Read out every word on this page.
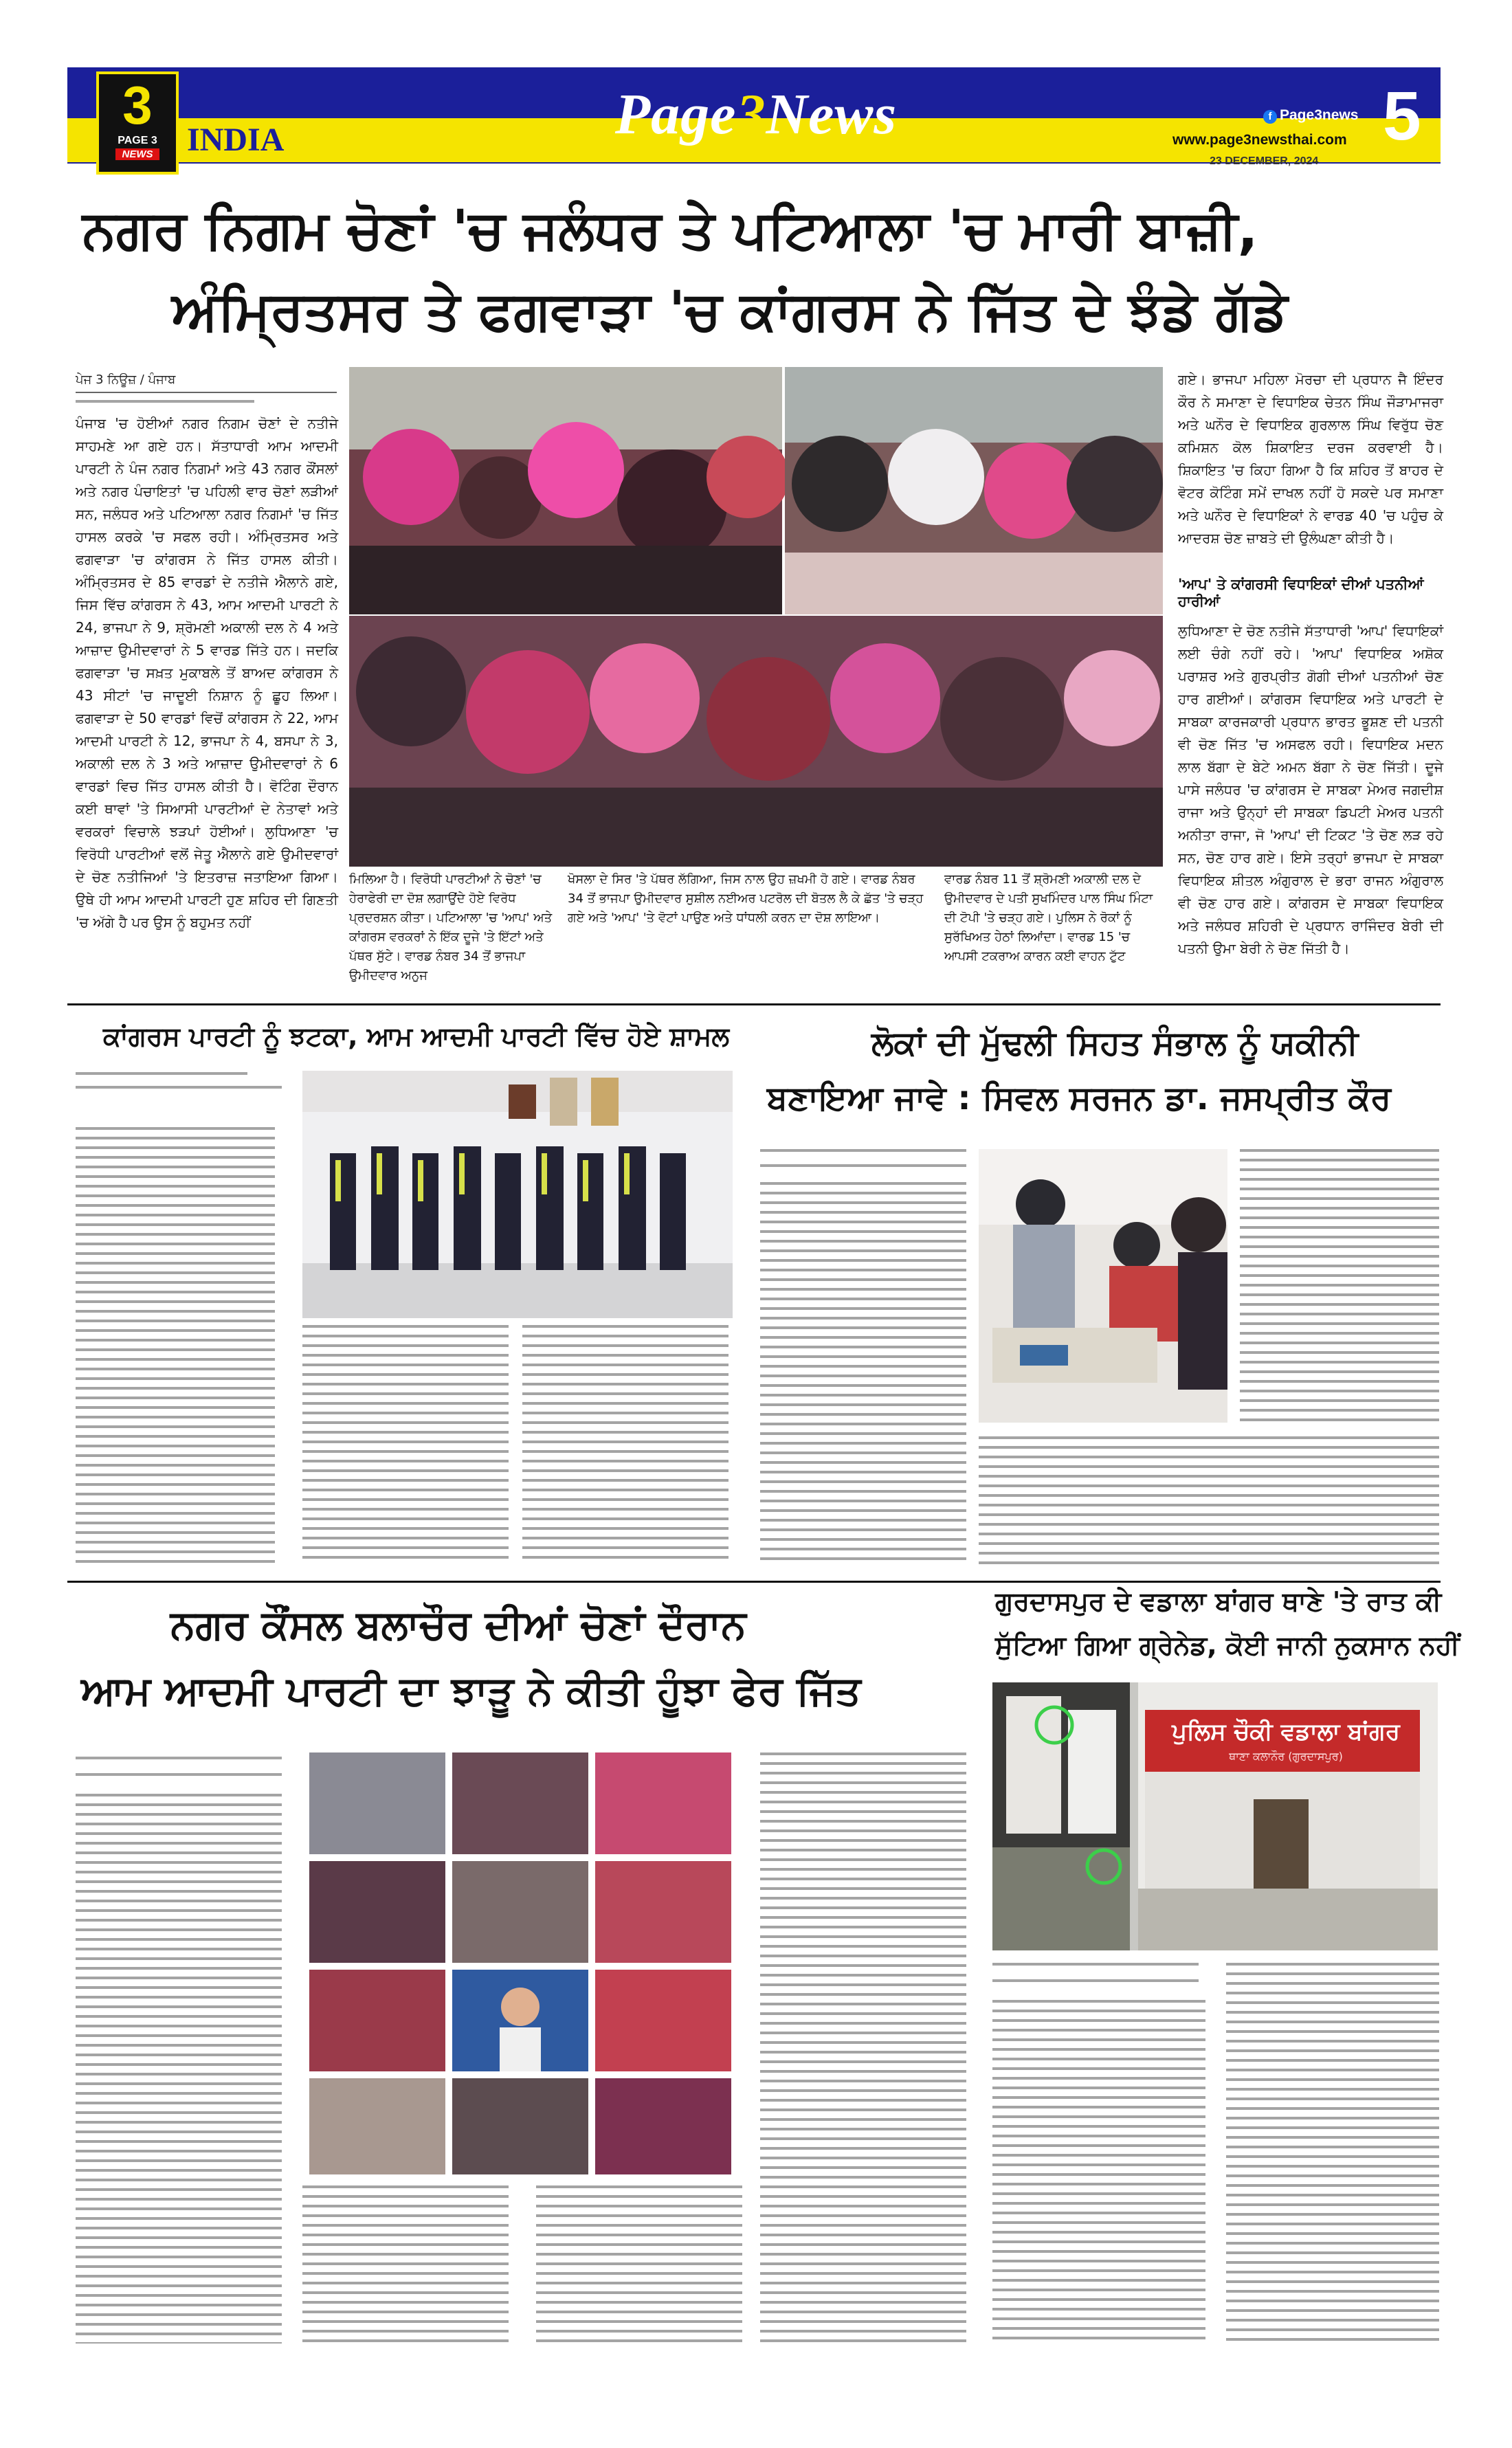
3
PAGE 3
NEWS INDIA	Page3News	f Page3news
www.page3newsthai.com
23 DECEMBER, 2024
5
ਨਗਰ ਨਿਗਮ ਚੋਣਾਂ 'ਚ ਜਲੰਧਰ ਤੇ ਪਟਿਆਲਾ 'ਚ ਮਾਰੀ ਬਾਜ਼ੀ,
ਅੰਮ੍ਰਿਤਸਰ ਤੇ ਫਗਵਾੜਾ 'ਚ ਕਾਂਗਰਸ ਨੇ ਜਿੱਤ ਦੇ ਝੰਡੇ ਗੱਡੇ
ਪੇਜ 3 ਨਿਊਜ਼ / ਪੰਜਾਬ
ਪੰਜਾਬ 'ਚ ਹੋਈਆਂ ਨਗਰ ਨਿਗਮ ਚੋਣਾਂ ਦੇ ਨਤੀਜੇ ਸਾਹਮਣੇ ਆ ਗਏ ਹਨ। ਸੱਤਾਧਾਰੀ ਆਮ ਆਦਮੀ ਪਾਰਟੀ ਨੇ ਪੰਜ ਨਗਰ ਨਿਗਮਾਂ ਅਤੇ 43 ਨਗਰ ਕੌਂਸਲਾਂ ਅਤੇ ਨਗਰ ਪੰਚਾਇਤਾਂ 'ਚ ਪਹਿਲੀ ਵਾਰ ਚੋਣਾਂ ਲੜੀਆਂ ਸਨ, ਜਲੰਧਰ ਅਤੇ ਪਟਿਆਲਾ ਨਗਰ ਨਿਗਮਾਂ 'ਚ ਜਿੱਤ ਹਾਸਲ ਕਰਕੇ 'ਚ ਸਫਲ ਰਹੀ। ਅੰਮ੍ਰਿਤਸਰ ਅਤੇ ਫਗਵਾੜਾ 'ਚ ਕਾਂਗਰਸ ਨੇ ਜਿੱਤ ਹਾਸਲ ਕੀਤੀ। ਅੰਮ੍ਰਿਤਸਰ ਦੇ 85 ਵਾਰਡਾਂ ਦੇ ਨਤੀਜੇ ਐਲਾਨੇ ਗਏ, ਜਿਸ ਵਿੱਚ ਕਾਂਗਰਸ ਨੇ 43, ਆਮ ਆਦਮੀ ਪਾਰਟੀ ਨੇ 24, ਭਾਜਪਾ ਨੇ 9, ਸ਼੍ਰੋਮਣੀ ਅਕਾਲੀ ਦਲ ਨੇ 4 ਅਤੇ ਆਜ਼ਾਦ ਉਮੀਦਵਾਰਾਂ ਨੇ 5 ਵਾਰਡ ਜਿੱਤੇ ਹਨ। ਜਦਕਿ ਫਗਵਾੜਾ 'ਚ ਸਖ਼ਤ ਮੁਕਾਬਲੇ ਤੋਂ ਬਾਅਦ ਕਾਂਗਰਸ ਨੇ 43 ਸੀਟਾਂ 'ਚ ਜਾਦੂਈ ਨਿਸ਼ਾਨ ਨੂੰ ਛੂਹ ਲਿਆ। ਫਗਵਾੜਾ ਦੇ 50 ਵਾਰਡਾਂ ਵਿਚੋਂ ਕਾਂਗਰਸ ਨੇ 22, ਆਮ ਆਦਮੀ ਪਾਰਟੀ ਨੇ 12, ਭਾਜਪਾ ਨੇ 4, ਬਸਪਾ ਨੇ 3, ਅਕਾਲੀ ਦਲ ਨੇ 3 ਅਤੇ ਆਜ਼ਾਦ ਉਮੀਦਵਾਰਾਂ ਨੇ 6 ਵਾਰਡਾਂ ਵਿਚ ਜਿੱਤ ਹਾਸਲ ਕੀਤੀ ਹੈ। ਵੋਟਿੰਗ ਦੌਰਾਨ ਕਈ ਥਾਵਾਂ 'ਤੇ ਸਿਆਸੀ ਪਾਰਟੀਆਂ ਦੇ ਨੇਤਾਵਾਂ ਅਤੇ ਵਰਕਰਾਂ ਵਿਚਾਲੇ ਝੜਪਾਂ ਹੋਈਆਂ। ਲੁਧਿਆਣਾ 'ਚ ਵਿਰੋਧੀ ਪਾਰਟੀਆਂ ਵਲੋਂ ਜੇਤੂ ਐਲਾਨੇ ਗਏ ਉਮੀਦਵਾਰਾਂ ਦੇ ਚੋਣ ਨਤੀਜਿਆਂ 'ਤੇ ਇਤਰਾਜ਼ ਜਤਾਇਆ ਗਿਆ। ਉਥੇ ਹੀ ਆਮ ਆਦਮੀ ਪਾਰਟੀ ਹੁਣ ਸ਼ਹਿਰ ਦੀ ਗਿਣਤੀ 'ਚ ਅੱਗੇ ਹੈ ਪਰ ਉਸ ਨੂੰ ਬਹੁਮਤ ਨਹੀਂ
ਮਿਲਿਆ ਹੈ। ਵਿਰੋਧੀ ਪਾਰਟੀਆਂ ਨੇ ਚੋਣਾਂ 'ਚ ਹੇਰਾਫੇਰੀ ਦਾ ਦੋਸ਼ ਲਗਾਉਂਦੇ ਹੋਏ ਵਿਰੋਧ ਪ੍ਰਦਰਸ਼ਨ ਕੀਤਾ। ਪਟਿਆਲਾ 'ਚ 'ਆਪ' ਅਤੇ ਕਾਂਗਰਸ ਵਰਕਰਾਂ ਨੇ ਇੱਕ ਦੂਜੇ 'ਤੇ ਇੱਟਾਂ ਅਤੇ ਪੱਥਰ ਸੁੱਟੇ। ਵਾਰਡ ਨੰਬਰ 34 ਤੋਂ ਭਾਜਪਾ ਉਮੀਦਵਾਰ ਅਨੁਜ
ਖੋਸਲਾ ਦੇ ਸਿਰ 'ਤੇ ਪੱਥਰ ਲੱਗਿਆ, ਜਿਸ ਨਾਲ ਉਹ ਜ਼ਖਮੀ ਹੋ ਗਏ। ਵਾਰਡ ਨੰਬਰ 34 ਤੋਂ ਭਾਜਪਾ ਉਮੀਦਵਾਰ ਸੁਸ਼ੀਲ ਨਈਅਰ ਪਟਰੋਲ ਦੀ ਬੋਤਲ ਲੈ ਕੇ ਛੱਤ 'ਤੇ ਚੜ੍ਹ ਗਏ ਅਤੇ 'ਆਪ' 'ਤੇ ਵੋਟਾਂ ਪਾਉਣ ਅਤੇ ਧਾਂਧਲੀ ਕਰਨ ਦਾ ਦੋਸ਼ ਲਾਇਆ।
ਵਾਰਡ ਨੰਬਰ 11 ਤੋਂ ਸ਼੍ਰੋਮਣੀ ਅਕਾਲੀ ਦਲ ਦੇ ਉਮੀਦਵਾਰ ਦੇ ਪਤੀ ਸੁਖਮਿੰਦਰ ਪਾਲ ਸਿੰਘ ਮਿੰਟਾ ਦੀ ਟੋਪੀ 'ਤੇ ਚੜ੍ਹ ਗਏ। ਪੁਲਿਸ ਨੇ ਰੋਕਾਂ ਨੂੰ ਸੁਰੱਖਿਅਤ ਹੇਠਾਂ ਲਿਆਂਦਾ। ਵਾਰਡ 15 'ਚ ਆਪਸੀ ਟਕਰਾਅ ਕਾਰਨ ਕਈ ਵਾਹਨ ਟੁੱਟ
ਗਏ। ਭਾਜਪਾ ਮਹਿਲਾ ਮੋਰਚਾ ਦੀ ਪ੍ਰਧਾਨ ਜੈ ਇੰਦਰ ਕੌਰ ਨੇ ਸਮਾਣਾ ਦੇ ਵਿਧਾਇਕ ਚੇਤਨ ਸਿੰਘ ਜੌੜਾਮਾਜਰਾ ਅਤੇ ਘਨੌਰ ਦੇ ਵਿਧਾਇਕ ਗੁਰਲਾਲ ਸਿੰਘ ਵਿਰੁੱਧ ਚੋਣ ਕਮਿਸ਼ਨ ਕੋਲ ਸ਼ਿਕਾਇਤ ਦਰਜ ਕਰਵਾਈ ਹੈ। ਸ਼ਿਕਾਇਤ 'ਚ ਕਿਹਾ ਗਿਆ ਹੈ ਕਿ ਸ਼ਹਿਰ ਤੋਂ ਬਾਹਰ ਦੇ ਵੋਟਰ ਕੋਟਿੰਗ ਸਮੇਂ ਦਾਖਲ ਨਹੀਂ ਹੋ ਸਕਦੇ ਪਰ ਸਮਾਣਾ ਅਤੇ ਘਨੌਰ ਦੇ ਵਿਧਾਇਕਾਂ ਨੇ ਵਾਰਡ 40 'ਚ ਪਹੁੰਚ ਕੇ ਆਦਰਸ਼ ਚੋਣ ਜ਼ਾਬਤੇ ਦੀ ਉਲੰਘਣਾ ਕੀਤੀ ਹੈ।
'ਆਪ' ਤੇ ਕਾਂਗਰਸੀ ਵਿਧਾਇਕਾਂ ਦੀਆਂ ਪਤਨੀਆਂ ਹਾਰੀਆਂ
ਲੁਧਿਆਣਾ ਦੇ ਚੋਣ ਨਤੀਜੇ ਸੱਤਾਧਾਰੀ 'ਆਪ' ਵਿਧਾਇਕਾਂ ਲਈ ਚੰਗੇ ਨਹੀਂ ਰਹੇ। 'ਆਪ' ਵਿਧਾਇਕ ਅਸ਼ੋਕ ਪਰਾਸ਼ਰ ਅਤੇ ਗੁਰਪ੍ਰੀਤ ਗੋਗੀ ਦੀਆਂ ਪਤਨੀਆਂ ਚੋਣ ਹਾਰ ਗਈਆਂ। ਕਾਂਗਰਸ ਵਿਧਾਇਕ ਅਤੇ ਪਾਰਟੀ ਦੇ ਸਾਬਕਾ ਕਾਰਜਕਾਰੀ ਪ੍ਰਧਾਨ ਭਾਰਤ ਭੂਸ਼ਣ ਦੀ ਪਤਨੀ ਵੀ ਚੋਣ ਜਿੱਤ 'ਚ ਅਸਫਲ ਰਹੀ। ਵਿਧਾਇਕ ਮਦਨ ਲਾਲ ਬੱਗਾ ਦੇ ਬੇਟੇ ਅਮਨ ਬੱਗਾ ਨੇ ਚੋਣ ਜਿੱਤੀ। ਦੂਜੇ ਪਾਸੇ ਜਲੰਧਰ 'ਚ ਕਾਂਗਰਸ ਦੇ ਸਾਬਕਾ ਮੇਅਰ ਜਗਦੀਸ਼ ਰਾਜਾ ਅਤੇ ਉਨ੍ਹਾਂ ਦੀ ਸਾਬਕਾ ਡਿਪਟੀ ਮੇਅਰ ਪਤਨੀ ਅਨੀਤਾ ਰਾਜਾ, ਜੋ 'ਆਪ' ਦੀ ਟਿਕਟ 'ਤੇ ਚੋਣ ਲੜ ਰਹੇ ਸਨ, ਚੋਣ ਹਾਰ ਗਏ। ਇਸੇ ਤਰ੍ਹਾਂ ਭਾਜਪਾ ਦੇ ਸਾਬਕਾ ਵਿਧਾਇਕ ਸ਼ੀਤਲ ਅੰਗੁਰਾਲ ਦੇ ਭਰਾ ਰਾਜਨ ਅੰਗੁਰਾਲ ਵੀ ਚੋਣ ਹਾਰ ਗਏ। ਕਾਂਗਰਸ ਦੇ ਸਾਬਕਾ ਵਿਧਾਇਕ ਅਤੇ ਜਲੰਧਰ ਸ਼ਹਿਰੀ ਦੇ ਪ੍ਰਧਾਨ ਰਾਜਿੰਦਰ ਬੇਰੀ ਦੀ ਪਤਨੀ ਉਮਾ ਬੇਰੀ ਨੇ ਚੋਣ ਜਿੱਤੀ ਹੈ।
ਕਾਂਗਰਸ ਪਾਰਟੀ ਨੂੰ ਝਟਕਾ, ਆਮ ਆਦਮੀ ਪਾਰਟੀ ਵਿੱਚ ਹੋਏ ਸ਼ਾਮਲ	ਲੋਕਾਂ ਦੀ ਮੁੱਢਲੀ ਸਿਹਤ ਸੰਭਾਲ ਨੂੰ ਯਕੀਨੀ
ਬਣਾਇਆ ਜਾਵੇ : ਸਿਵਲ ਸਰਜਨ ਡਾ. ਜਸਪ੍ਰੀਤ ਕੌਰ
ਨਗਰ ਕੌਂਸਲ ਬਲਾਚੌਰ ਦੀਆਂ ਚੋਣਾਂ ਦੌਰਾਨ
ਆਮ ਆਦਮੀ ਪਾਰਟੀ ਦਾ ਝਾੜੂ ਨੇ ਕੀਤੀ ਹੂੰਝਾ ਫੇਰ ਜਿੱਤ
ਗੁਰਦਾਸਪੁਰ ਦੇ ਵਡਾਲਾ ਬਾਂਗਰ ਥਾਣੇ 'ਤੇ ਰਾਤ ਕੀ
ਸੁੱਟਿਆ ਗਿਆ ਗ੍ਰੇਨੇਡ, ਕੋਈ ਜਾਨੀ ਨੁਕਸਾਨ ਨਹੀਂ
ਪੁਲਿਸ ਚੌਕੀ ਵਡਾਲਾ ਬਾਂਗਰ
ਥਾਣਾ ਕਲਾਨੌਰ (ਗੁਰਦਾਸਪੁਰ)
